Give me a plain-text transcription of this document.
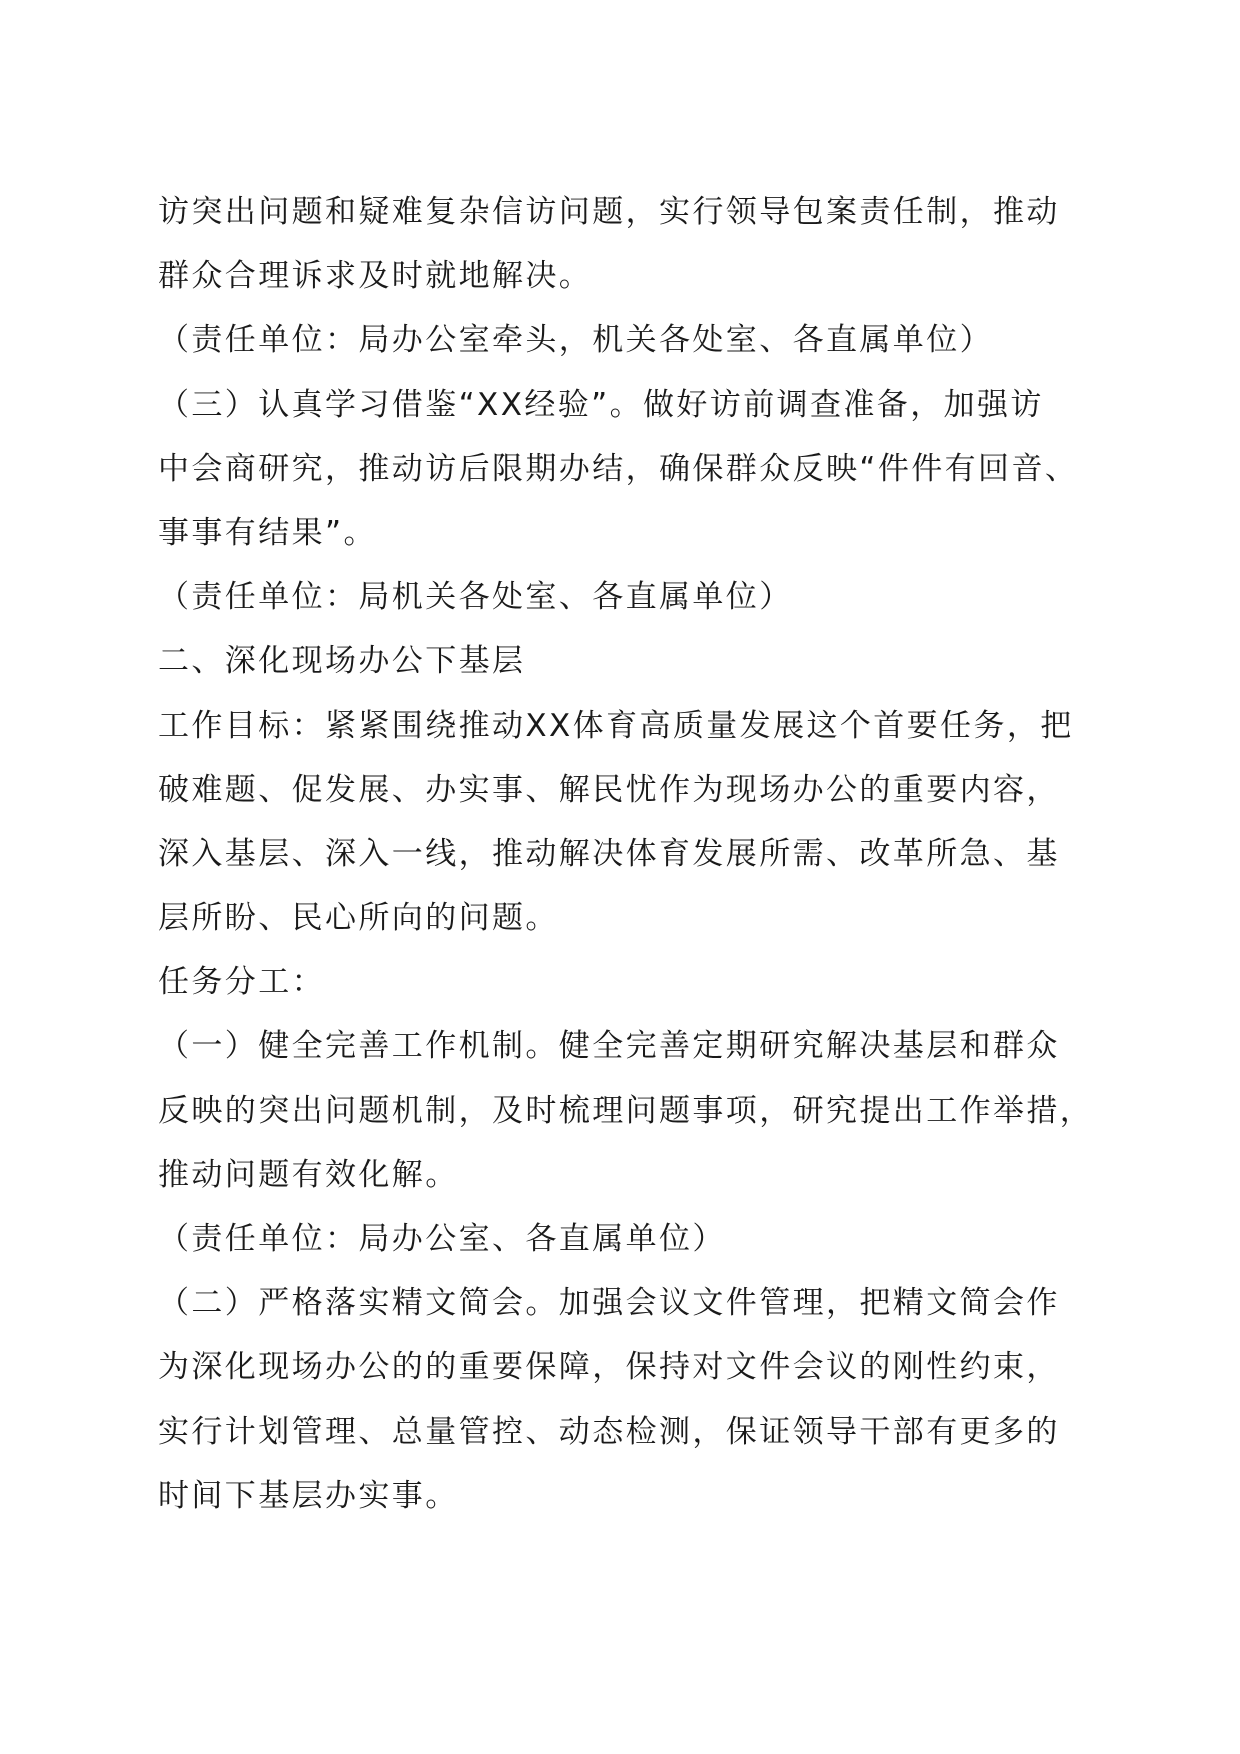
访突出问题和疑难复杂信访问题，实行领导包案责任制，推动
群众合理诉求及时就地解决。
（责任单位：局办公室牵头，机关各处室、各直属单位）
（三）认真学习借鉴“XX经验”。做好访前调查准备，加强访
中会商研究，推动访后限期办结，确保群众反映“件件有回音、
事事有结果”。
（责任单位：局机关各处室、各直属单位）
二、深化现场办公下基层
工作目标：紧紧围绕推动XX体育高质量发展这个首要任务，把
破难题、促发展、办实事、解民忧作为现场办公的重要内容，
深入基层、深入一线，推动解决体育发展所需、改革所急、基
层所盼、民心所向的问题。
任务分工：
（一）健全完善工作机制。健全完善定期研究解决基层和群众
反映的突出问题机制，及时梳理问题事项，研究提出工作举措，
推动问题有效化解。
（责任单位：局办公室、各直属单位）
（二）严格落实精文简会。加强会议文件管理，把精文简会作
为深化现场办公的的重要保障，保持对文件会议的刚性约束，
实行计划管理、总量管控、动态检测，保证领导干部有更多的
时间下基层办实事。
